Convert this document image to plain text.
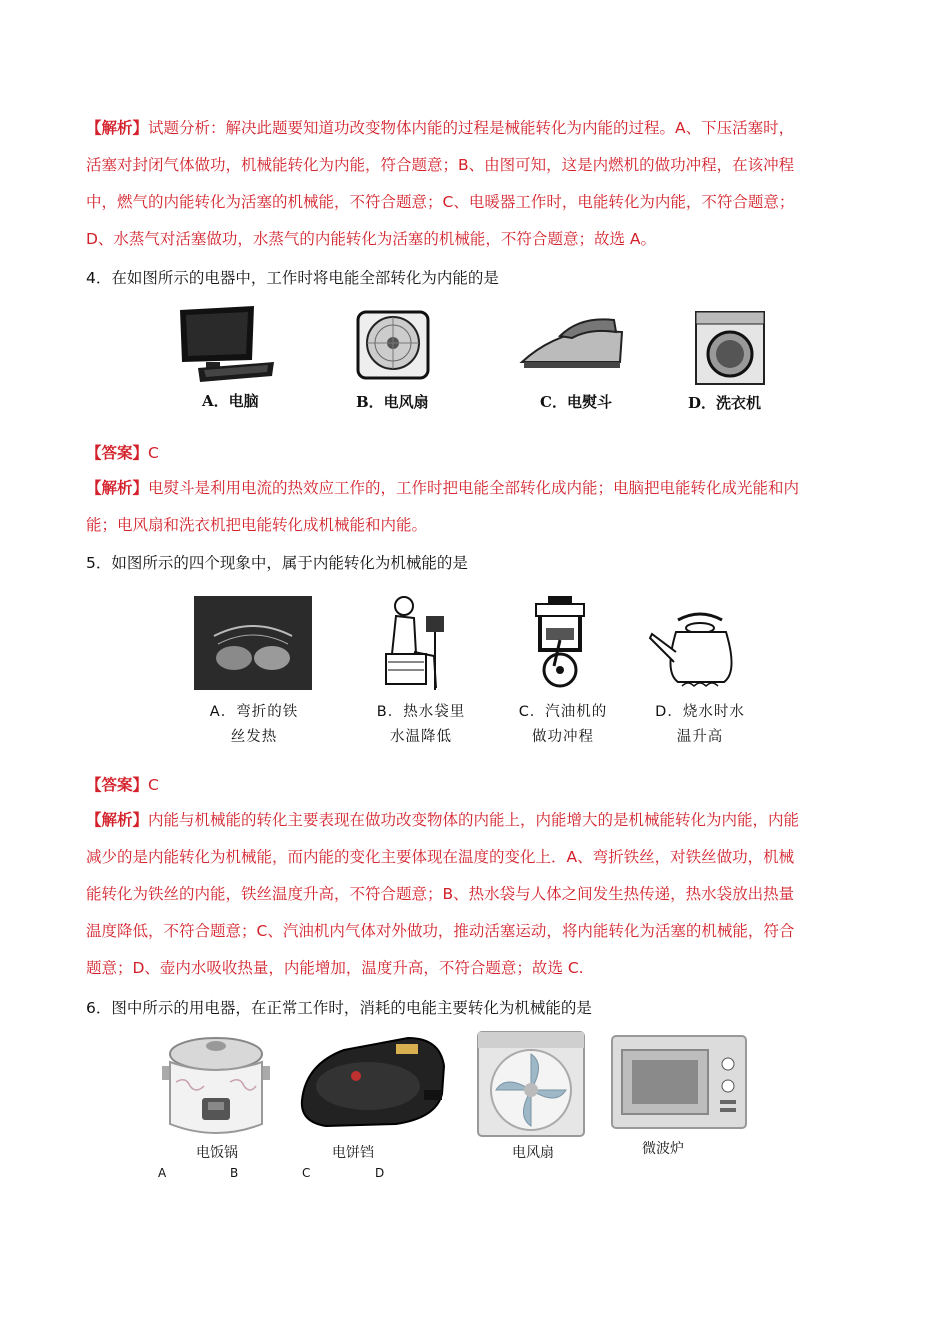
【解析】试题分析：解决此题要知道功改变物体内能的过程是械能转化为内能的过程。A、下压活塞时，
活塞对封闭气体做功，机械能转化为内能，符合题意；B、由图可知，这是内燃机的做功冲程，在该冲程
中，燃气的内能转化为活塞的机械能，不符合题意；C、电暖器工作时，电能转化为内能，不符合题意；
D、水蒸气对活塞做功，水蒸气的内能转化为活塞的机械能，不符合题意；故选 A。
4．在如图所示的电器中，工作时将电能全部转化为内能的是
A．电脑	B．电风扇	C．电熨斗	D．洗衣机
【答案】C
【解析】电熨斗是利用电流的热效应工作的，工作时把电能全部转化成内能；电脑把电能转化成光能和内
能；电风扇和洗衣机把电能转化成机械能和内能。
5．如图所示的四个现象中，属于内能转化为机械能的是
A．弯折的铁
丝发热
B．热水袋里
水温降低
C．汽油机的
做功冲程
D．烧水时水
温升高
【答案】C
【解析】内能与机械能的转化主要表现在做功改变物体的内能上，内能增大的是机械能转化为内能，内能
减少的是内能转化为机械能，而内能的变化主要体现在温度的变化上．A、弯折铁丝，对铁丝做功，机械
能转化为铁丝的内能，铁丝温度升高，不符合题意；B、热水袋与人体之间发生热传递，热水袋放出热量
温度降低，不符合题意；C、汽油机内气体对外做功，推动活塞运动，将内能转化为活塞的机械能，符合
题意；D、壶内水吸收热量，内能增加，温度升高，不符合题意；故选 C.
6．图中所示的用电器，在正常工作时，消耗的电能主要转化为机械能的是
电饭锅	电饼铛	电风扇	微波炉
A	B	C	D
